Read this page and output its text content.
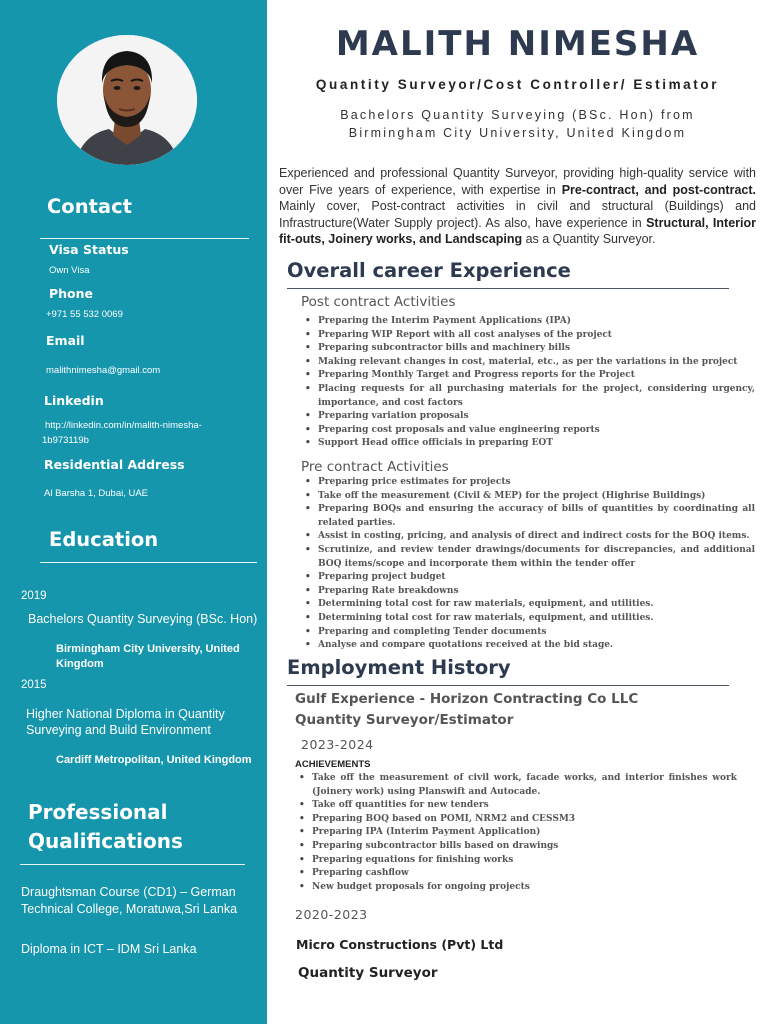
Contact
Visa Status
Own Visa
Phone
+971 55 532 0069
Email
malithnimesha@gmail.com
Linkedin
http://linkedin.com/in/malith-nimesha-
1b973119b
Residential Address
Al Barsha 1, Dubai, UAE
Education
2019
Bachelors Quantity Surveying (BSc. Hon)
Birmingham City University, United
Kingdom
2015
Higher National Diploma in Quantity
Surveying and Build Environment
Cardiff Metropolitan, United Kingdom
Professional
Qualifications
Draughtsman Course (CD1) – German
Technical College, Moratuwa,Sri Lanka
Diploma in ICT – IDM Sri Lanka
MALITH NIMESHA
Quantity Surveyor/Cost Controller/ Estimator
Bachelors Quantity Surveying (BSc. Hon) from
Birmingham City University, United Kingdom
Experienced and professional Quantity Surveyor, providing high-quality service with over Five years of experience, with expertise in Pre-contract, and post-contract. Mainly cover, Post-contract activities in civil and structural (Buildings) and Infrastructure(Water Supply project). As also, have experience in Structural, Interior fit-outs, Joinery works, and Landscaping as a Quantity Surveyor.
Overall career Experience
Post contract Activities
• Preparing the Interim Payment Applications (IPA)
• Preparing WIP Report with all cost analyses of the project
• Preparing subcontractor bills and machinery bills
• Making relevant changes in cost, material, etc., as per the variations in the project
• Preparing Monthly Target and Progress reports for the Project
• Placing requests for all purchasing materials for the project, considering urgency, importance, and cost factors
• Preparing variation proposals
• Preparing cost proposals and value engineering reports
• Support Head office officials in preparing EOT
Pre contract Activities
• Preparing price estimates for projects
• Take off the measurement (Civil & MEP) for the project (Highrise Buildings)
• Preparing BOQs and ensuring the accuracy of bills of quantities by coordinating all related parties.
• Assist in costing, pricing, and analysis of direct and indirect costs for the BOQ items.
• Scrutinize, and review tender drawings/documents for discrepancies, and additional BOQ items/scope and incorporate them within the tender offer
• Preparing project budget
• Preparing Rate breakdowns
• Determining total cost for raw materials, equipment, and utilities.
• Determining total cost for raw materials, equipment, and utilities.
• Preparing and completing Tender documents
• Analyse and compare quotations received at the bid stage.
Employment History
Gulf Experience - Horizon Contracting Co LLC
Quantity Surveyor/Estimator
2023-2024
ACHIEVEMENTS
• Take off the measurement of civil work, facade works, and interior finishes work (Joinery work) using Planswift and Autocade.
• Take off quantities for new tenders
• Preparing BOQ based on POMI, NRM2 and CESSM3
• Preparing IPA (Interim Payment Application)
• Preparing subcontractor bills based on drawings
• Preparing equations for finishing works
• Preparing cashflow
• New budget proposals for ongoing projects
2020-2023
Micro Constructions (Pvt) Ltd
Quantity Surveyor
